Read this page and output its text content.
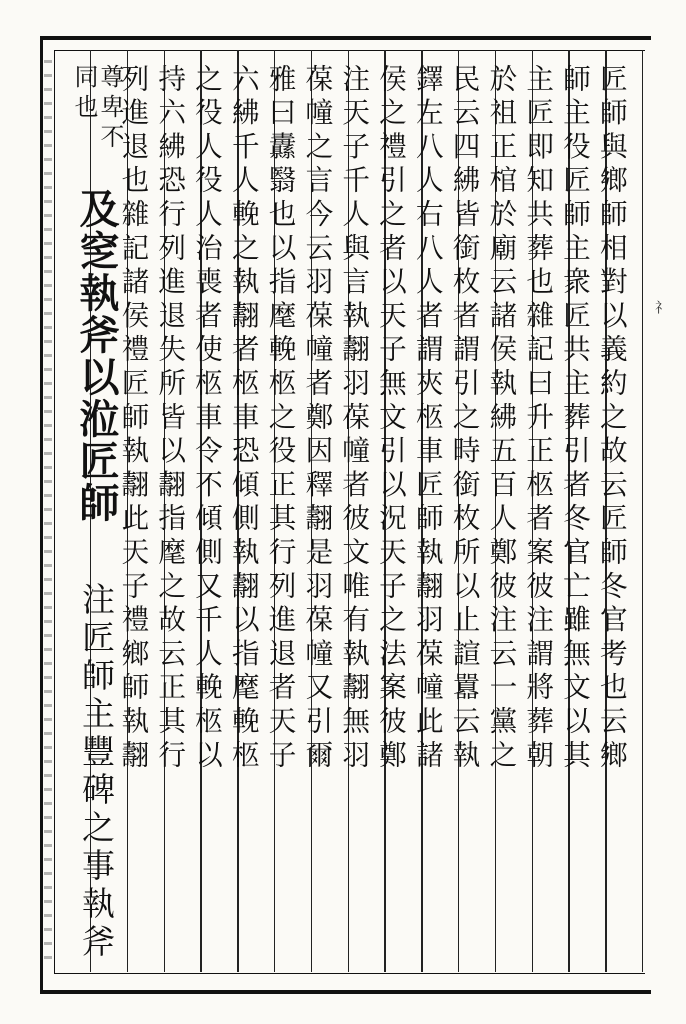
匠師與鄉師相對以義約之故云匠師冬官考也云鄉
師主役匠師主衆匠共主葬引者冬官亡雖無文以其
主匠即知共葬也雜記曰升正柩者案彼注謂將葬朝
於祖正棺於廟云諸侯執紼五百人鄭彼注云一黨之
民云四紼皆銜枚者謂引之時銜枚所以止諠囂云執
鐸左八人右八人者謂夾柩車匠師執翿羽葆幢此諸
侯之禮引之者以天子無文引以況天子之法案彼鄭
注天子千人與言執翿羽葆幢者彼文唯有執翿無羽
葆幢之言今云羽葆幢者鄭因釋翿是羽葆幢又引爾
雅曰纛翳也以指麾輓柩之役正其行列進退者天子
六紼千人輓之執翿者柩車恐傾側執翿以指麾輓柩
之役人役人治喪者使柩車令不傾側又千人輓柩以
持六紼恐行列進退失所皆以翿指麾之故云正其行
列進退也雜記諸侯禮匠師執翿此天子禮鄉師執翿
尊卑不
同也
及窆執斧以涖匠師
注匠師主豐碑之事執斧
礻
